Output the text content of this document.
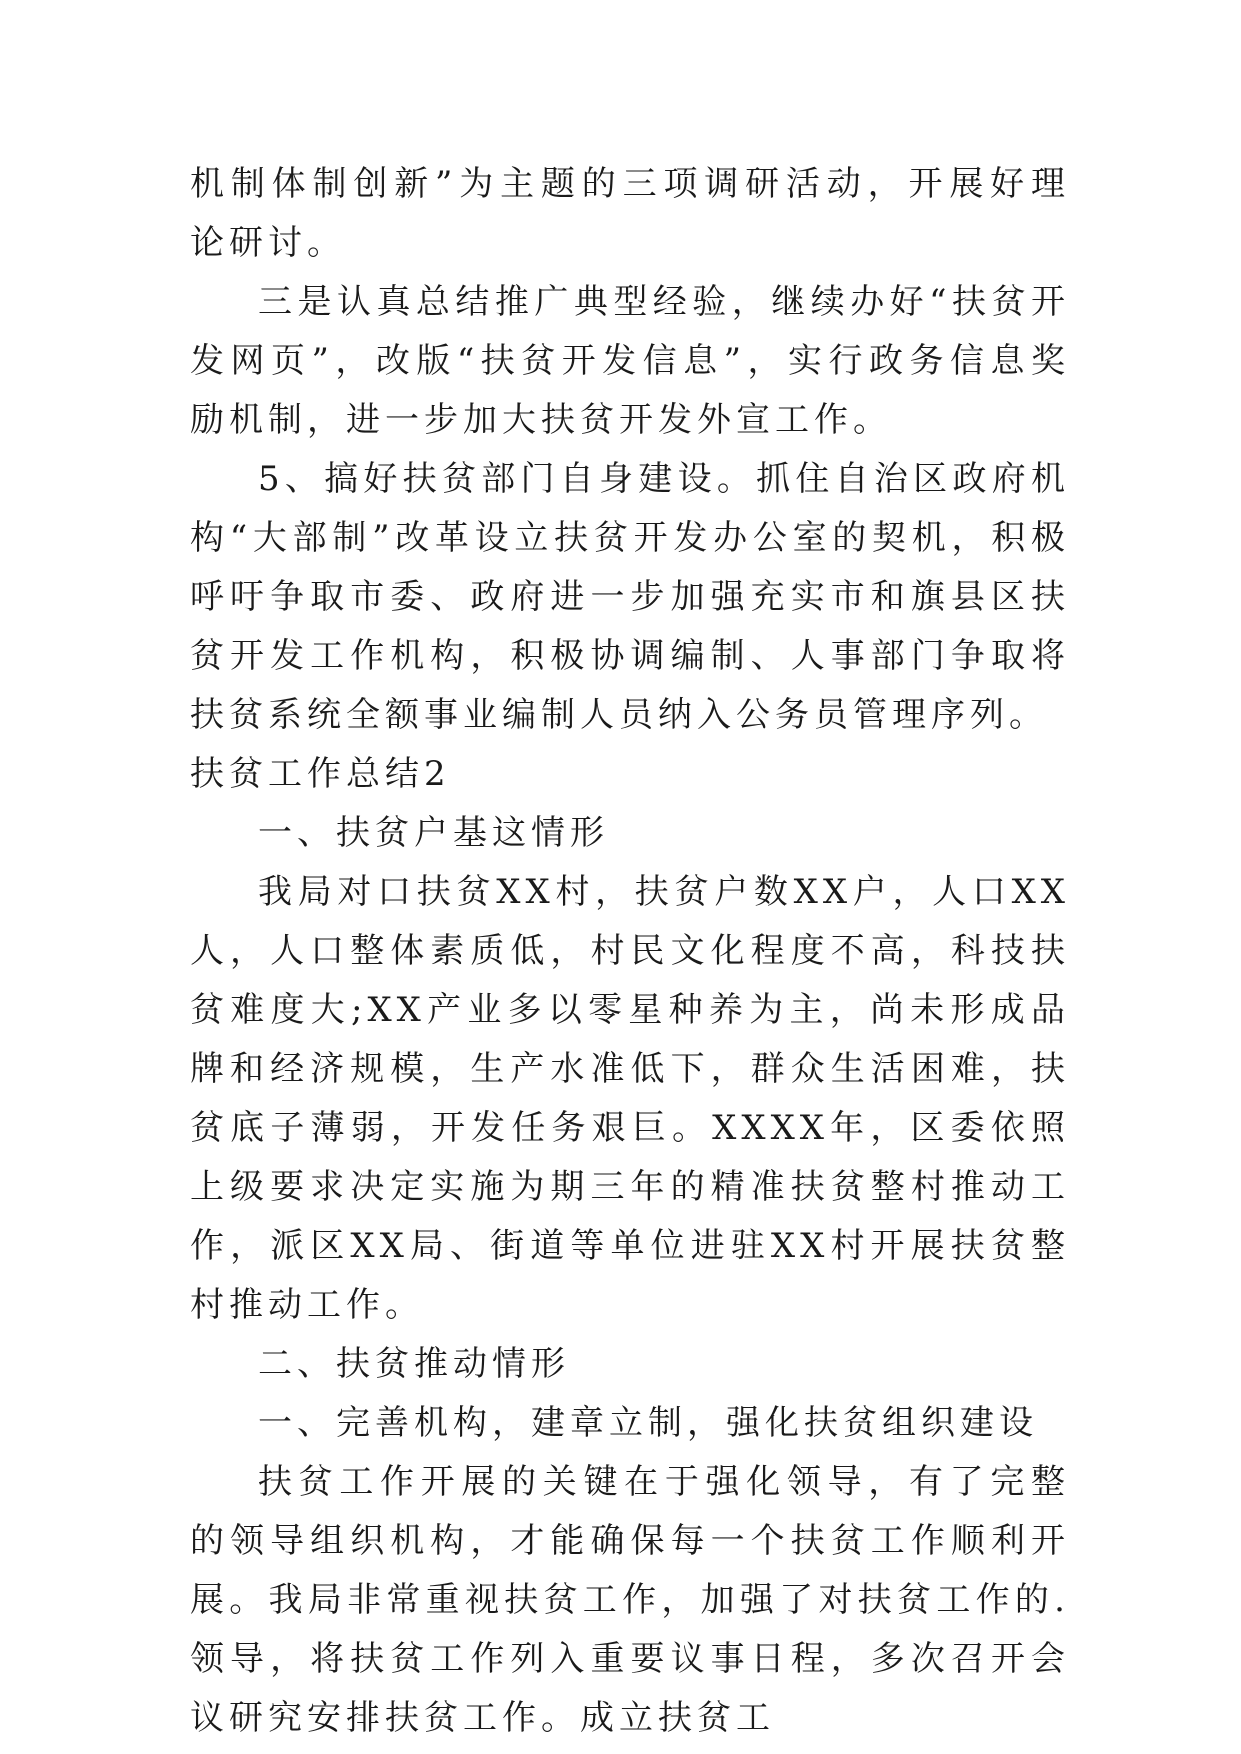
机制体制创新”为主题的三项调研活动，开展好理论研讨。

三是认真总结推广典型经验，继续办好“扶贫开发网页”，改版“扶贫开发信息”，实行政务信息奖励机制，进一步加大扶贫开发外宣工作。

5、搞好扶贫部门自身建设。抓住自治区政府机构“大部制”改革设立扶贫开发办公室的契机，积极呼吁争取市委、政府进一步加强充实市和旗县区扶贫开发工作机构，积极协调编制、人事部门争取将扶贫系统全额事业编制人员纳入公务员管理序列。

扶贫工作总结2

一、扶贫户基这情形

我局对口扶贫XX村，扶贫户数XX户，人口XX人，人口整体素质低，村民文化程度不高，科技扶贫难度大;XX产业多以零星种养为主，尚未形成品牌和经济规模，生产水准低下，群众生活困难，扶贫底子薄弱，开发任务艰巨。XXXX年，区委依照上级要求决定实施为期三年的精准扶贫整村推动工作，派区XX局、街道等单位进驻XX村开展扶贫整村推动工作。

二、扶贫推动情形

一、完善机构，建章立制，强化扶贫组织建设

扶贫工作开展的关键在于强化领导，有了完整的领导组织机构，才能确保每一个扶贫工作顺利开展。我局非常重视扶贫工作，加强了对扶贫工作的.领导，将扶贫工作列入重要议事日程，多次召开会议研究安排扶贫工作。成立扶贫工
